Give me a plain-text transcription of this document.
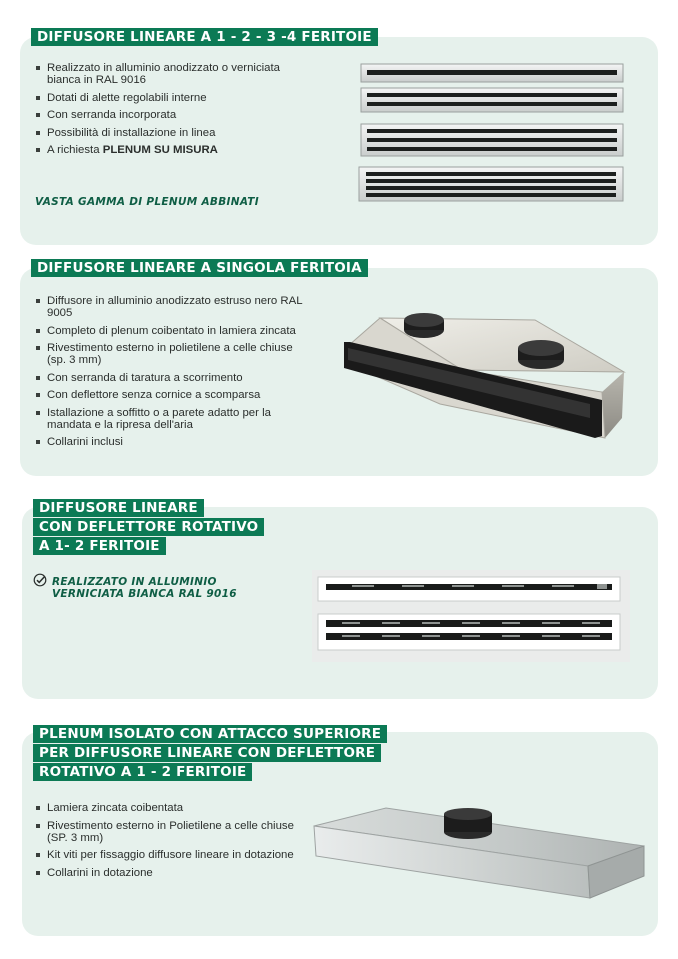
DIFFUSORE LINEARE A 1 - 2 - 3 -4 FERITOIE
Realizzato in alluminio anodizzato o verniciata bianca in RAL 9016
Dotati di alette regolabili interne
Con serranda incorporata
Possibilità di installazione in linea
A richiesta PLENUM SU MISURA
VASTA GAMMA DI PLENUM ABBINATI
DIFFUSORE LINEARE A SINGOLA FERITOIA
Diffusore in alluminio anodizzato estruso nero RAL 9005
Completo di plenum coibentato in lamiera zincata
Rivestimento esterno in polietilene a celle chiuse (sp. 3 mm)
Con serranda di taratura a scorrimento
Con deflettore senza cornice a scomparsa
Istallazione a soffitto o a parete adatto per la mandata e la ripresa dell'aria
Collarini inclusi
DIFFUSORE LINEARE
CON DEFLETTORE ROTATIVO
A 1- 2 FERITOIE
REALIZZATO IN ALLUMINIO
VERNICIATA BIANCA RAL 9016
PLENUM ISOLATO CON ATTACCO SUPERIORE
PER DIFFUSORE LINEARE CON DEFLETTORE
ROTATIVO A 1 - 2 FERITOIE
Lamiera zincata coibentata
Rivestimento esterno in Polietilene a celle chiuse (SP. 3 mm)
Kit viti per fissaggio diffusore lineare in dotazione
Collarini in dotazione
